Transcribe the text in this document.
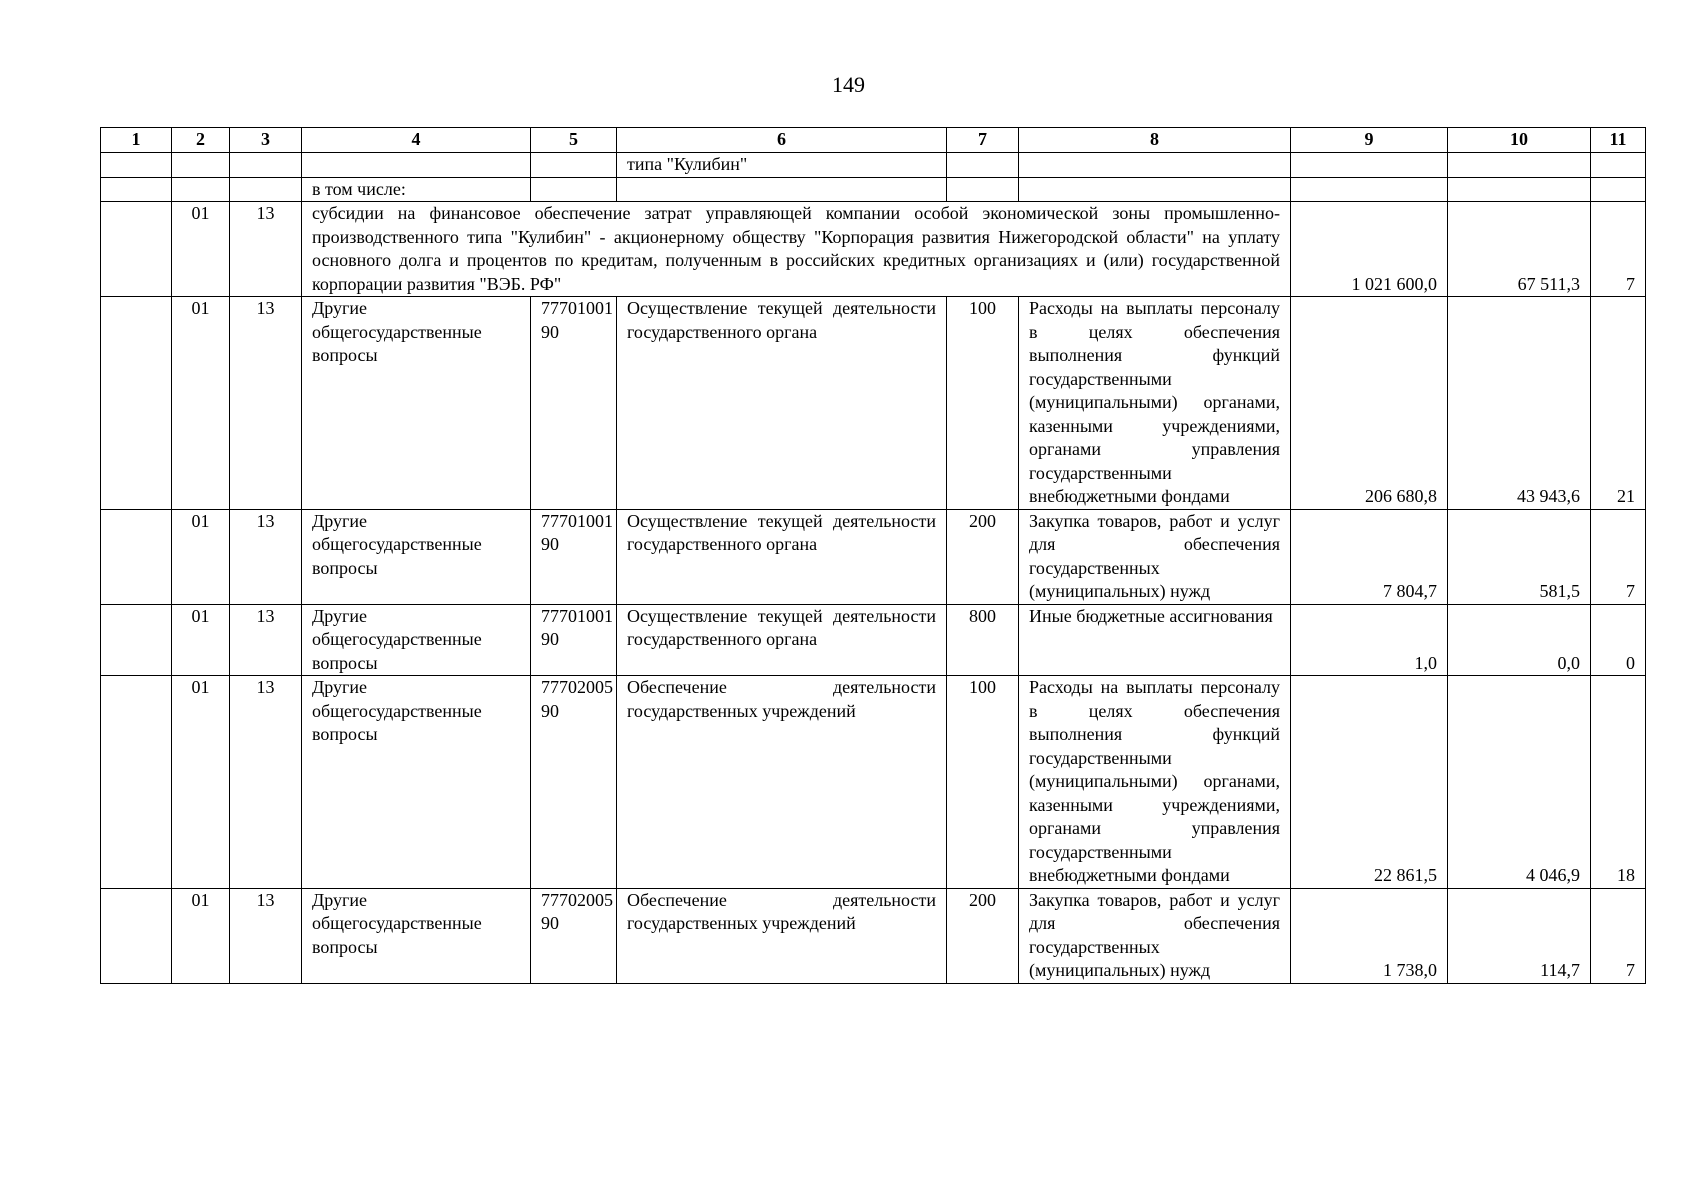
149
1	2	3	4	5	6	7	8	9	10	11
					типа "Кулибин"					
			в том числе:							
	01	13	субсидии на финансовое обеспечение затрат управляющей компании особой экономической зоны промышленно-производственного типа "Кулибин" - акционерному обществу "Корпорация развития Нижегородской области" на уплату основного долга и процентов по кредитам, полученным в российских кредитных организациях и (или) государственной корпорации развития "ВЭБ. РФ"					1 021 600,0	67 511,3	7
	01	13	Другие общегосударственные вопросы	7770100190	Осуществление текущей деятельности государственного органа	100	Расходы на выплаты персоналу в целях обеспечения выполнения функций государственными (муниципальными) органами, казенными учреждениями, органами управления государственными внебюджетными фондами	206 680,8	43 943,6	21
	01	13	Другие общегосударственные вопросы	7770100190	Осуществление текущей деятельности государственного органа	200	Закупка товаров, работ и услуг для обеспечения государственных (муниципальных) нужд	7 804,7	581,5	7
	01	13	Другие общегосударственные вопросы	7770100190	Осуществление текущей деятельности государственного органа	800	Иные бюджетные ассигнования	1,0	0,0	0
	01	13	Другие общегосударственные вопросы	7770200590	Обеспечение деятельности государственных учреждений	100	Расходы на выплаты персоналу в целях обеспечения выполнения функций государственными (муниципальными) органами, казенными учреждениями, органами управления государственными внебюджетными фондами	22 861,5	4 046,9	18
	01	13	Другие общегосударственные вопросы	7770200590	Обеспечение деятельности государственных учреждений	200	Закупка товаров, работ и услуг для обеспечения государственных (муниципальных) нужд	1 738,0	114,7	7
